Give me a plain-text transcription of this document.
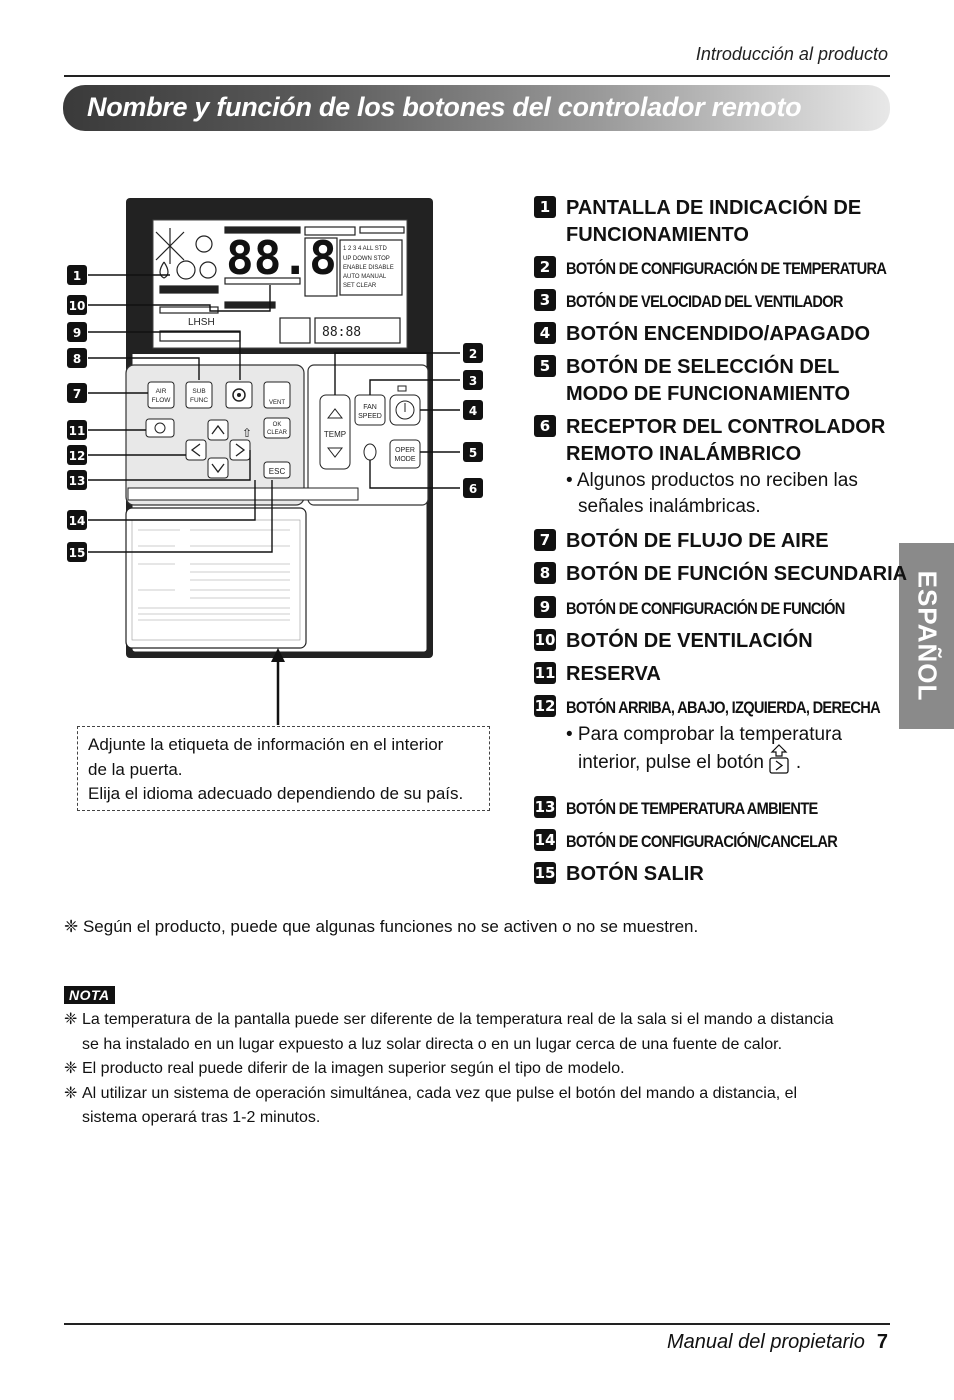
Introducción al producto
Nombre y función de los botones del controlador remoto
ESPAÑOL
88.8 1 2 3 4 ALL STD
UP DOWN STOP
ENABLE DISABLE
AUTO MANUAL
SET CLEAR
LHSH
88:88
AIR
FLOW
SUB
FUNC	VENT
⇧
OK
CLEAR
ESC
TEMP
FAN
SPEED
OPER
MODE
1
10
9
8
7
11
12
13
14
15
2
3
4
5
6
Adjunte la etiqueta de información en el interior
de la puerta.
Elija el idioma adecuado dependiendo de su país.
1 PANTALLA DE INDICACIÓN DE
FUNCIONAMIENTO
2 BOTÓN DE CONFIGURACIÓN DE TEMPERATURA
3 BOTÓN DE VELOCIDAD DEL VENTILADOR
4 BOTÓN ENCENDIDO/APAGADO
5 BOTÓN DE SELECCIÓN DEL
MODO DE FUNCIONAMIENTO
6 RECEPTOR DEL CONTROLADOR
REMOTO INALÁMBRICO
• Algunos productos no reciben las
señales inalámbricas.
7 BOTÓN DE FLUJO DE AIRE
8 BOTÓN DE FUNCIÓN SECUNDARIA
9 BOTÓN DE CONFIGURACIÓN DE FUNCIÓN
10 BOTÓN DE VENTILACIÓN
11 RESERVA
12 BOTÓN ARRIBA, ABAJO, IZQUIERDA, DERECHA
• Para comprobar la temperatura
interior, pulse el botón .
13 BOTÓN DE TEMPERATURA AMBIENTE
14 BOTÓN DE CONFIGURACIÓN/CANCELAR
15 BOTÓN SALIR
❈ Según el producto, puede que algunas funciones no se activen o no se muestren.
NOTA
❈ La temperatura de la pantalla puede ser diferente de la temperatura real de la sala si el mando a distancia
se ha instalado en un lugar expuesto a luz solar directa o en un lugar cerca de una fuente de calor.
❈ El producto real puede diferir de la imagen superior según el tipo de modelo.
❈ Al utilizar un sistema de operación simultánea, cada vez que pulse el botón del mando a distancia, el
sistema operará tras 1-2 minutos.
Manual del propietario 7
